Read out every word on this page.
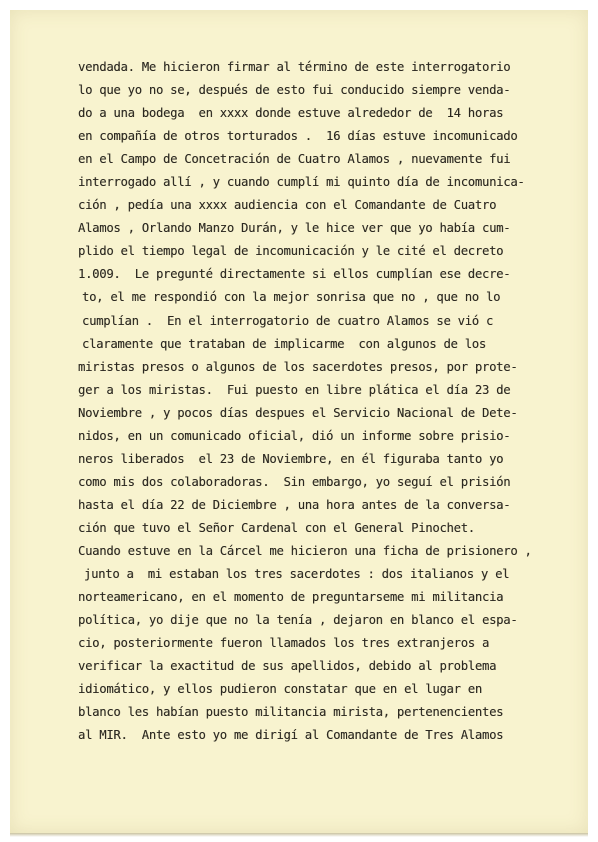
vendada. Me hicieron firmar al término de este interrogatorio
lo que yo no se, después de esto fui conducido siempre venda-
do a una bodega  en xxxx donde estuve alrededor de  14 horas
en compañía de otros torturados .  16 días estuve incomunicado
en el Campo de Concetración de Cuatro Alamos , nuevamente fui
interrogado allí , y cuando cumplí mi quinto día de incomunica-
ción , pedía una xxxx audiencia con el Comandante de Cuatro
Alamos , Orlando Manzo Durán, y le hice ver que yo había cum-
plido el tiempo legal de incomunicación y le cité el decreto
1.009.  Le pregunté directamente si ellos cumplían ese decre-
to, el me respondió con la mejor sonrisa que no , que no lo
cumplían .  En el interrogatorio de cuatro Alamos se vió c
claramente que trataban de implicarme  con algunos de los
miristas presos o algunos de los sacerdotes presos, por prote-
ger a los miristas.  Fui puesto en libre plática el día 23 de
Noviembre , y pocos días despues el Servicio Nacional de Dete-
nidos, en un comunicado oficial, dió un informe sobre prisio-
neros liberados  el 23 de Noviembre, en él figuraba tanto yo
como mis dos colaboradoras.  Sin embargo, yo seguí el prisión
hasta el día 22 de Diciembre , una hora antes de la conversa-
ción que tuvo el Señor Cardenal con el General Pinochet.
Cuando estuve en la Cárcel me hicieron una ficha de prisionero ,
junto a  mi estaban los tres sacerdotes : dos italianos y el
norteamericano, en el momento de preguntarseme mi militancia
política, yo dije que no la tenía , dejaron en blanco el espa-
cio, posteriormente fueron llamados los tres extranjeros a
verificar la exactitud de sus apellidos, debido al problema
idiomático, y ellos pudieron constatar que en el lugar en
blanco les habían puesto militancia mirista, pertenencientes
al MIR.  Ante esto yo me dirigí al Comandante de Tres Alamos
